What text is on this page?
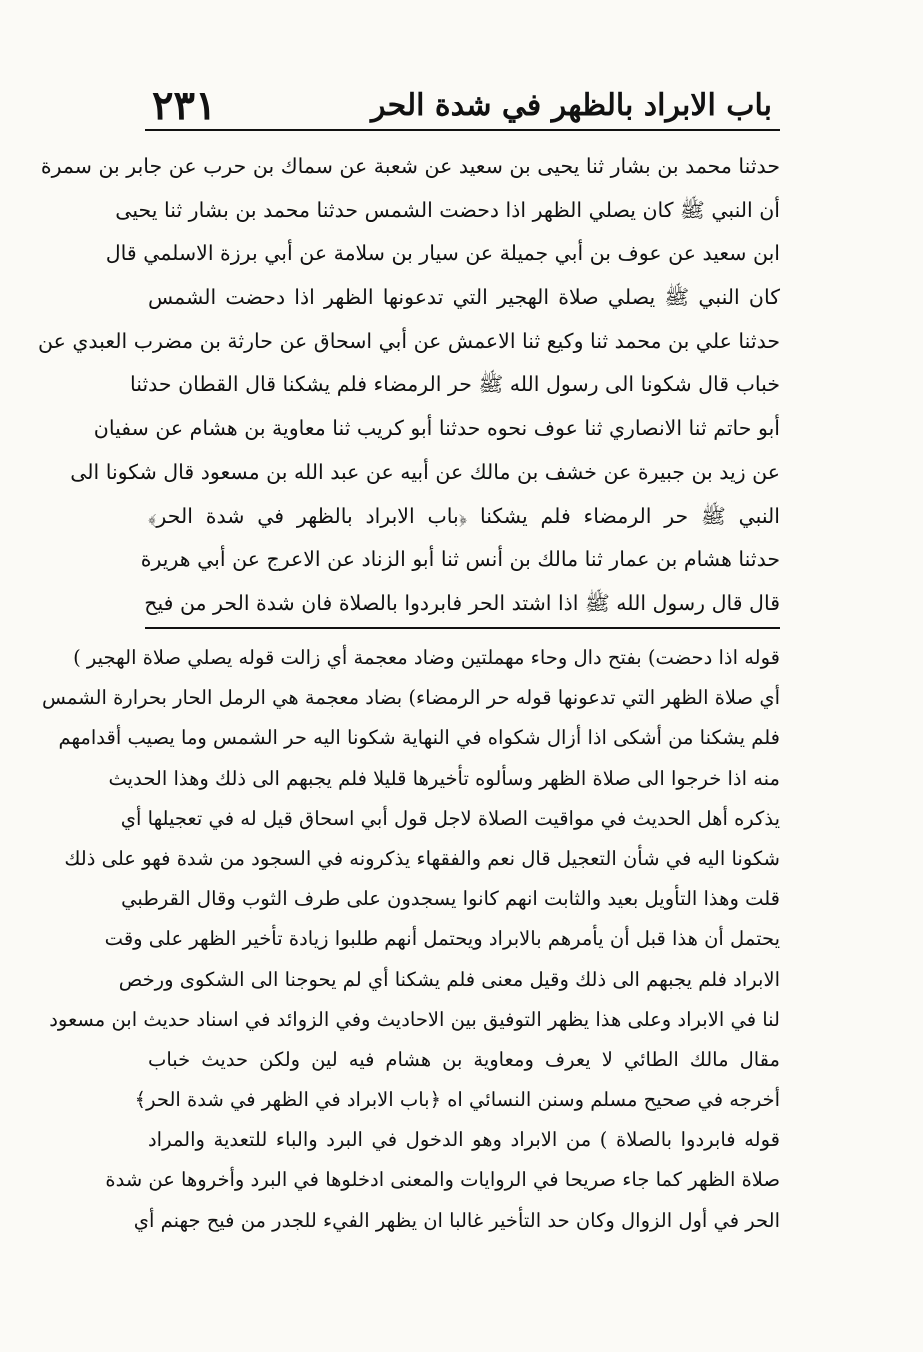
٢٣١	باب الابراد بالظهر في شدة الحر
حدثنا محمد بن بشار ثنا يحيى بن سعيد عن شعبة عن سماك بن حرب عن جابر بن سمرة
أن النبي ﷺ كان يصلي الظهر اذا دحضت الشمس حدثنا محمد بن بشار ثنا يحيى
ابن سعيد عن عوف بن أبي جميلة عن سيار بن سلامة عن أبي برزة الاسلمي قال
كان النبي ﷺ يصلي صلاة الهجير التي تدعونها الظهر اذا دحضت الشمس
حدثنا علي بن محمد ثنا وكيع ثنا الاعمش عن أبي اسحاق عن حارثة بن مضرب العبدي عن
خباب قال شكونا الى رسول الله ﷺ حر الرمضاء فلم يشكنا قال القطان حدثنا
أبو حاتم ثنا الانصاري ثنا عوف نحوه حدثنا أبو كريب ثنا معاوية بن هشام عن سفيان
عن زيد بن جبيرة عن خشف بن مالك عن أبيه عن عبد الله بن مسعود قال شكونا الى
النبي ﷺ حر الرمضاء فلم يشكنا ﴿باب الابراد بالظهر في شدة الحر﴾
حدثنا هشام بن عمار ثنا مالك بن أنس ثنا أبو الزناد عن الاعرج عن أبي هريرة
قال قال رسول الله ﷺ اذا اشتد الحر فابردوا بالصلاة فان شدة الحر من فيح
قوله اذا دحضت) بفتح دال وحاء مهملتين وضاد معجمة أي زالت قوله يصلي صلاة الهجير )
أي صلاة الظهر التي تدعونها قوله حر الرمضاء) بضاد معجمة هي الرمل الحار بحرارة الشمس
فلم يشكنا من أشكى اذا أزال شكواه في النهاية شكونا اليه حر الشمس وما يصيب أقدامهم
منه اذا خرجوا الى صلاة الظهر وسألوه تأخيرها قليلا فلم يجبهم الى ذلك وهذا الحديث
يذكره أهل الحديث في مواقيت الصلاة لاجل قول أبي اسحاق قيل له في تعجيلها أي
شكونا اليه في شأن التعجيل قال نعم والفقهاء يذكرونه في السجود من شدة فهو على ذلك
قلت وهذا التأويل بعيد والثابت انهم كانوا يسجدون على طرف الثوب وقال القرطبي
يحتمل أن هذا قبل أن يأمرهم بالابراد ويحتمل أنهم طلبوا زيادة تأخير الظهر على وقت
الابراد فلم يجبهم الى ذلك وقيل معنى فلم يشكنا أي لم يحوجنا الى الشكوى ورخص
لنا في الابراد وعلى هذا يظهر التوفيق بين الاحاديث وفي الزوائد في اسناد حديث ابن مسعود
مقال مالك الطائي لا يعرف ومعاوية بن هشام فيه لين ولكن حديث خباب
أخرجه في صحيح مسلم وسنن النسائي اه ﴿باب الابراد في الظهر في شدة الحر﴾
قوله فابردوا بالصلاة ) من الابراد وهو الدخول في البرد والباء للتعدية والمراد
صلاة الظهر كما جاء صريحا في الروايات والمعنى ادخلوها في البرد وأخروها عن شدة
الحر في أول الزوال وكان حد التأخير غالبا ان يظهر الفيء للجدر من فيح جهنم أي
